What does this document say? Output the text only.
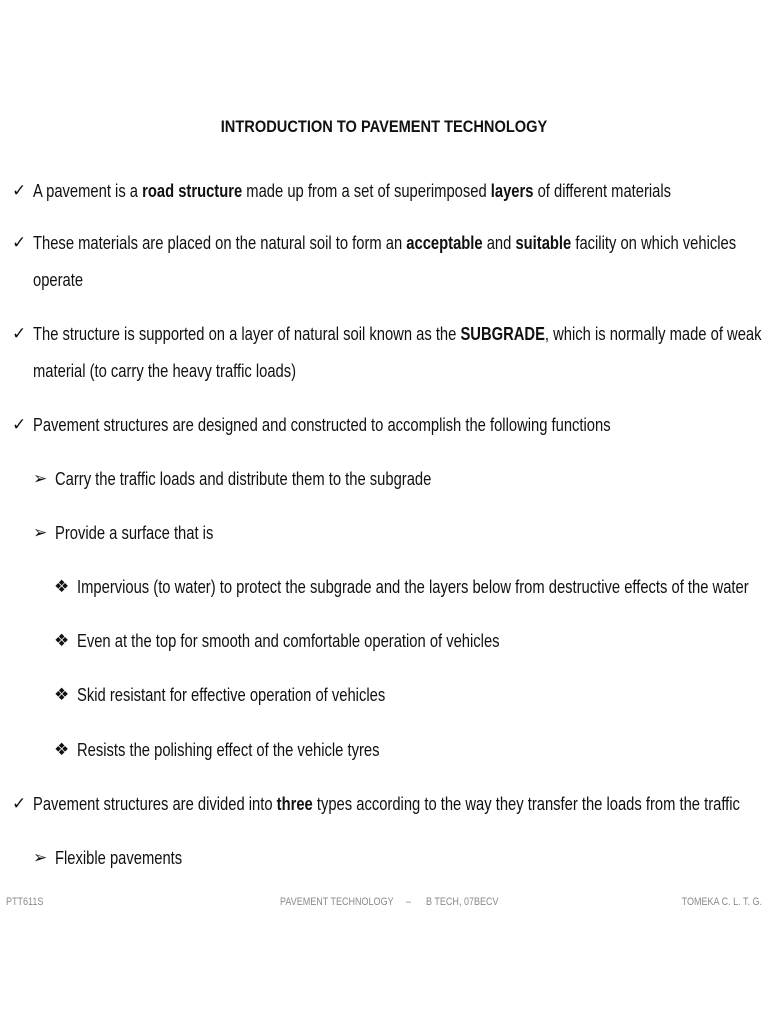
INTRODUCTION TO PAVEMENT TECHNOLOGY
✓ A pavement is a road structure made up from a set of superimposed layers of different materials
✓ These materials are placed on the natural soil to form an acceptable and suitable facility on which vehicles
operate
✓ The structure is supported on a layer of natural soil known as the SUBGRADE, which is normally made of weak
material (to carry the heavy traffic loads)
✓ Pavement structures are designed and constructed to accomplish the following functions
➢ Carry the traffic loads and distribute them to the subgrade
➢ Provide a surface that is
❖ Impervious (to water) to protect the subgrade and the layers below from destructive effects of the water
❖ Even at the top for smooth and comfortable operation of vehicles
❖ Skid resistant for effective operation of vehicles
❖ Resists the polishing effect of the vehicle tyres
✓ Pavement structures are divided into three types according to the way they transfer the loads from the traffic
➢ Flexible pavements
PTT611S	PAVEMENT TECHNOLOGY     –      B TECH, 07BECV	TOMEKA C. L. T. G.
